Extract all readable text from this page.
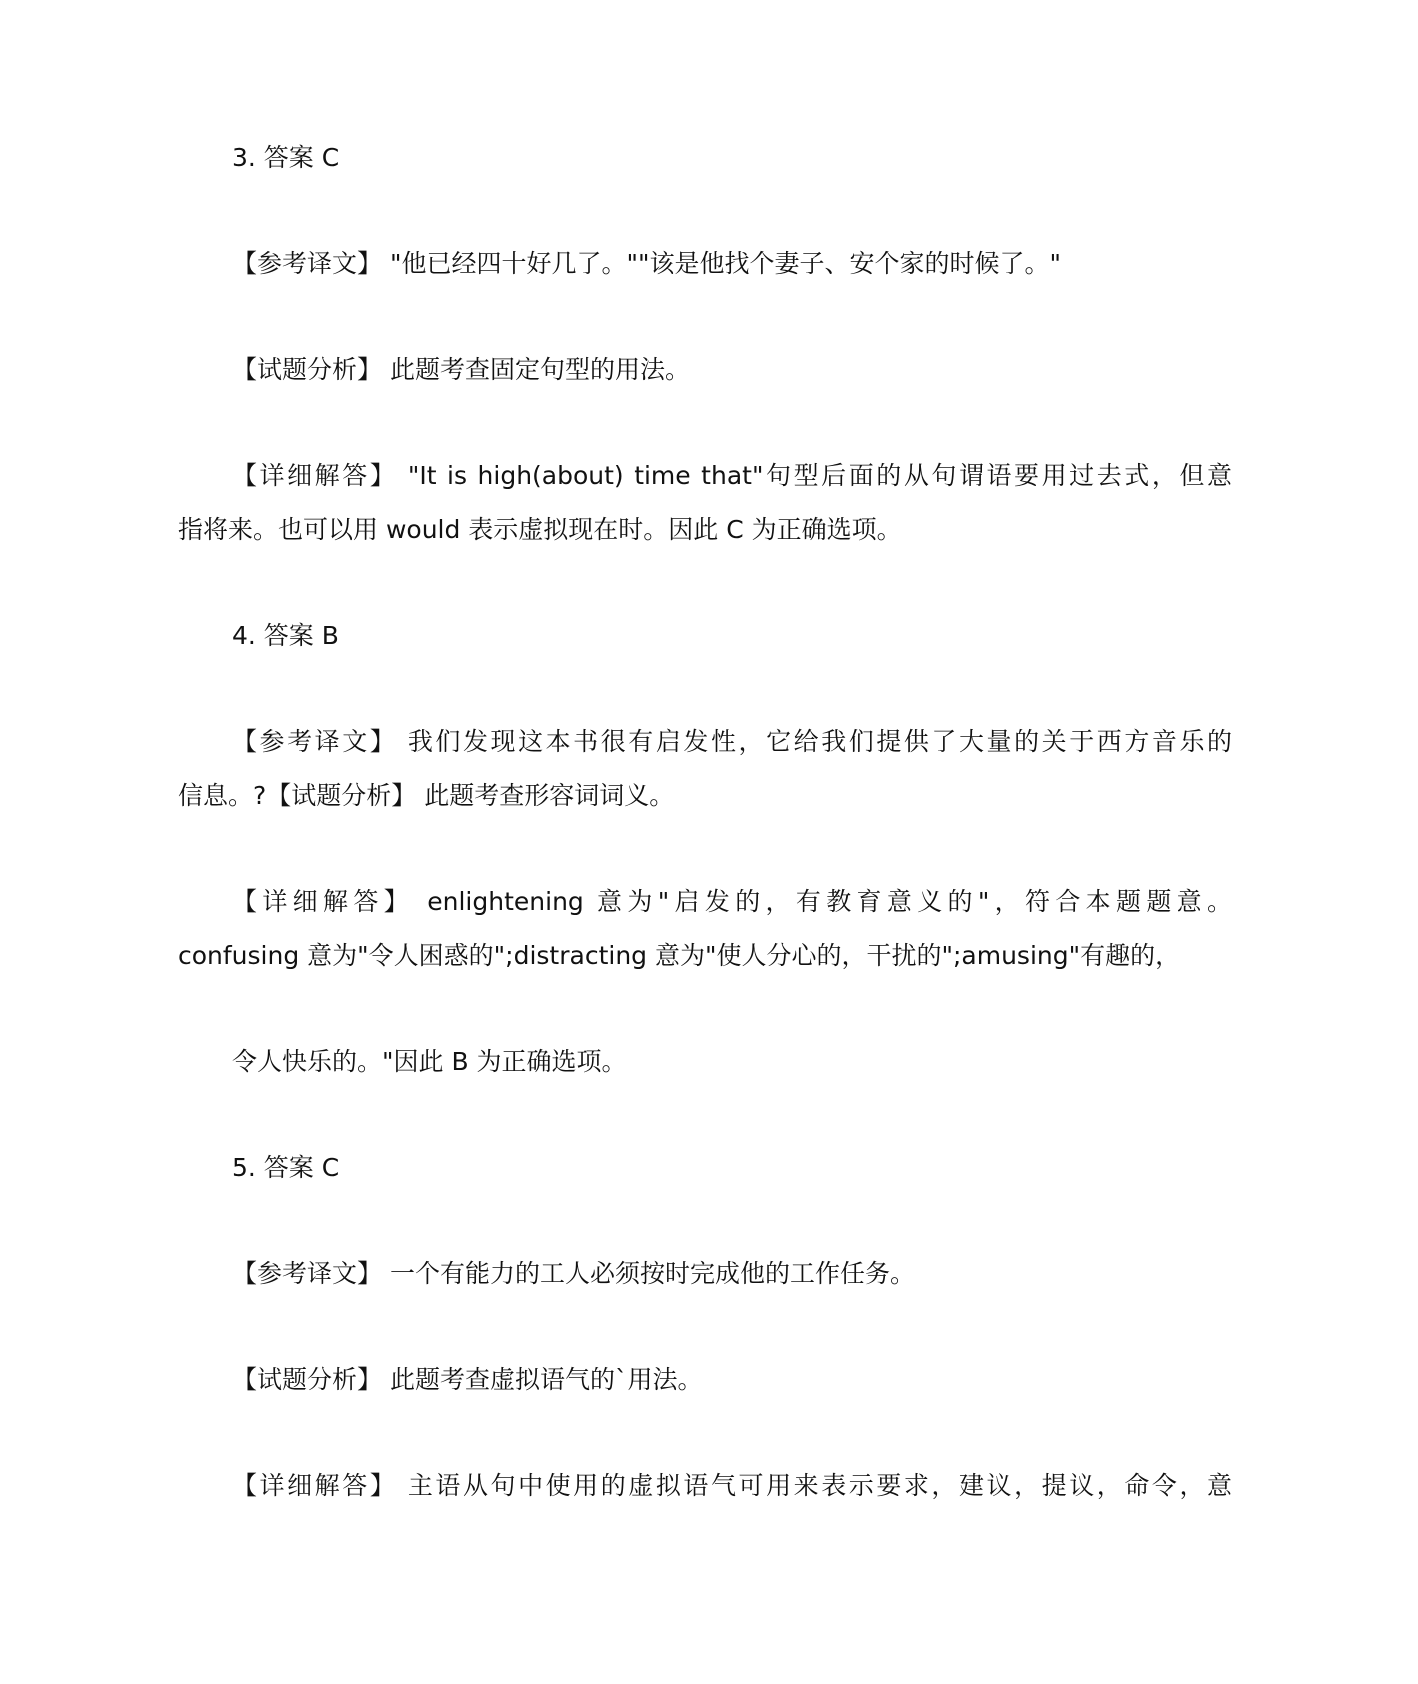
3. 答案 C
【参考译文】 "他已经四十好几了。""该是他找个妻子、安个家的时候了。"
【试题分析】 此题考查固定句型的用法。
【详细解答】 "It is high(about) time that"句型后面的从句谓语要用过去式，但意
指将来。也可以用 would 表示虚拟现在时。因此 C 为正确选项。
4. 答案 B
【参考译文】 我们发现这本书很有启发性，它给我们提供了大量的关于西方音乐的
信息。?【试题分析】 此题考查形容词词义。
【详细解答】 enlightening 意为"启发的，有教育意义的"，符合本题题意。
confusing 意为"令人困惑的";distracting 意为"使人分心的，干扰的";amusing"有趣的，
令人快乐的。"因此 B 为正确选项。
5. 答案 C
【参考译文】 一个有能力的工人必须按时完成他的工作任务。
【试题分析】 此题考查虚拟语气的`用法。
【详细解答】 主语从句中使用的虚拟语气可用来表示要求，建议，提议，命令，意
